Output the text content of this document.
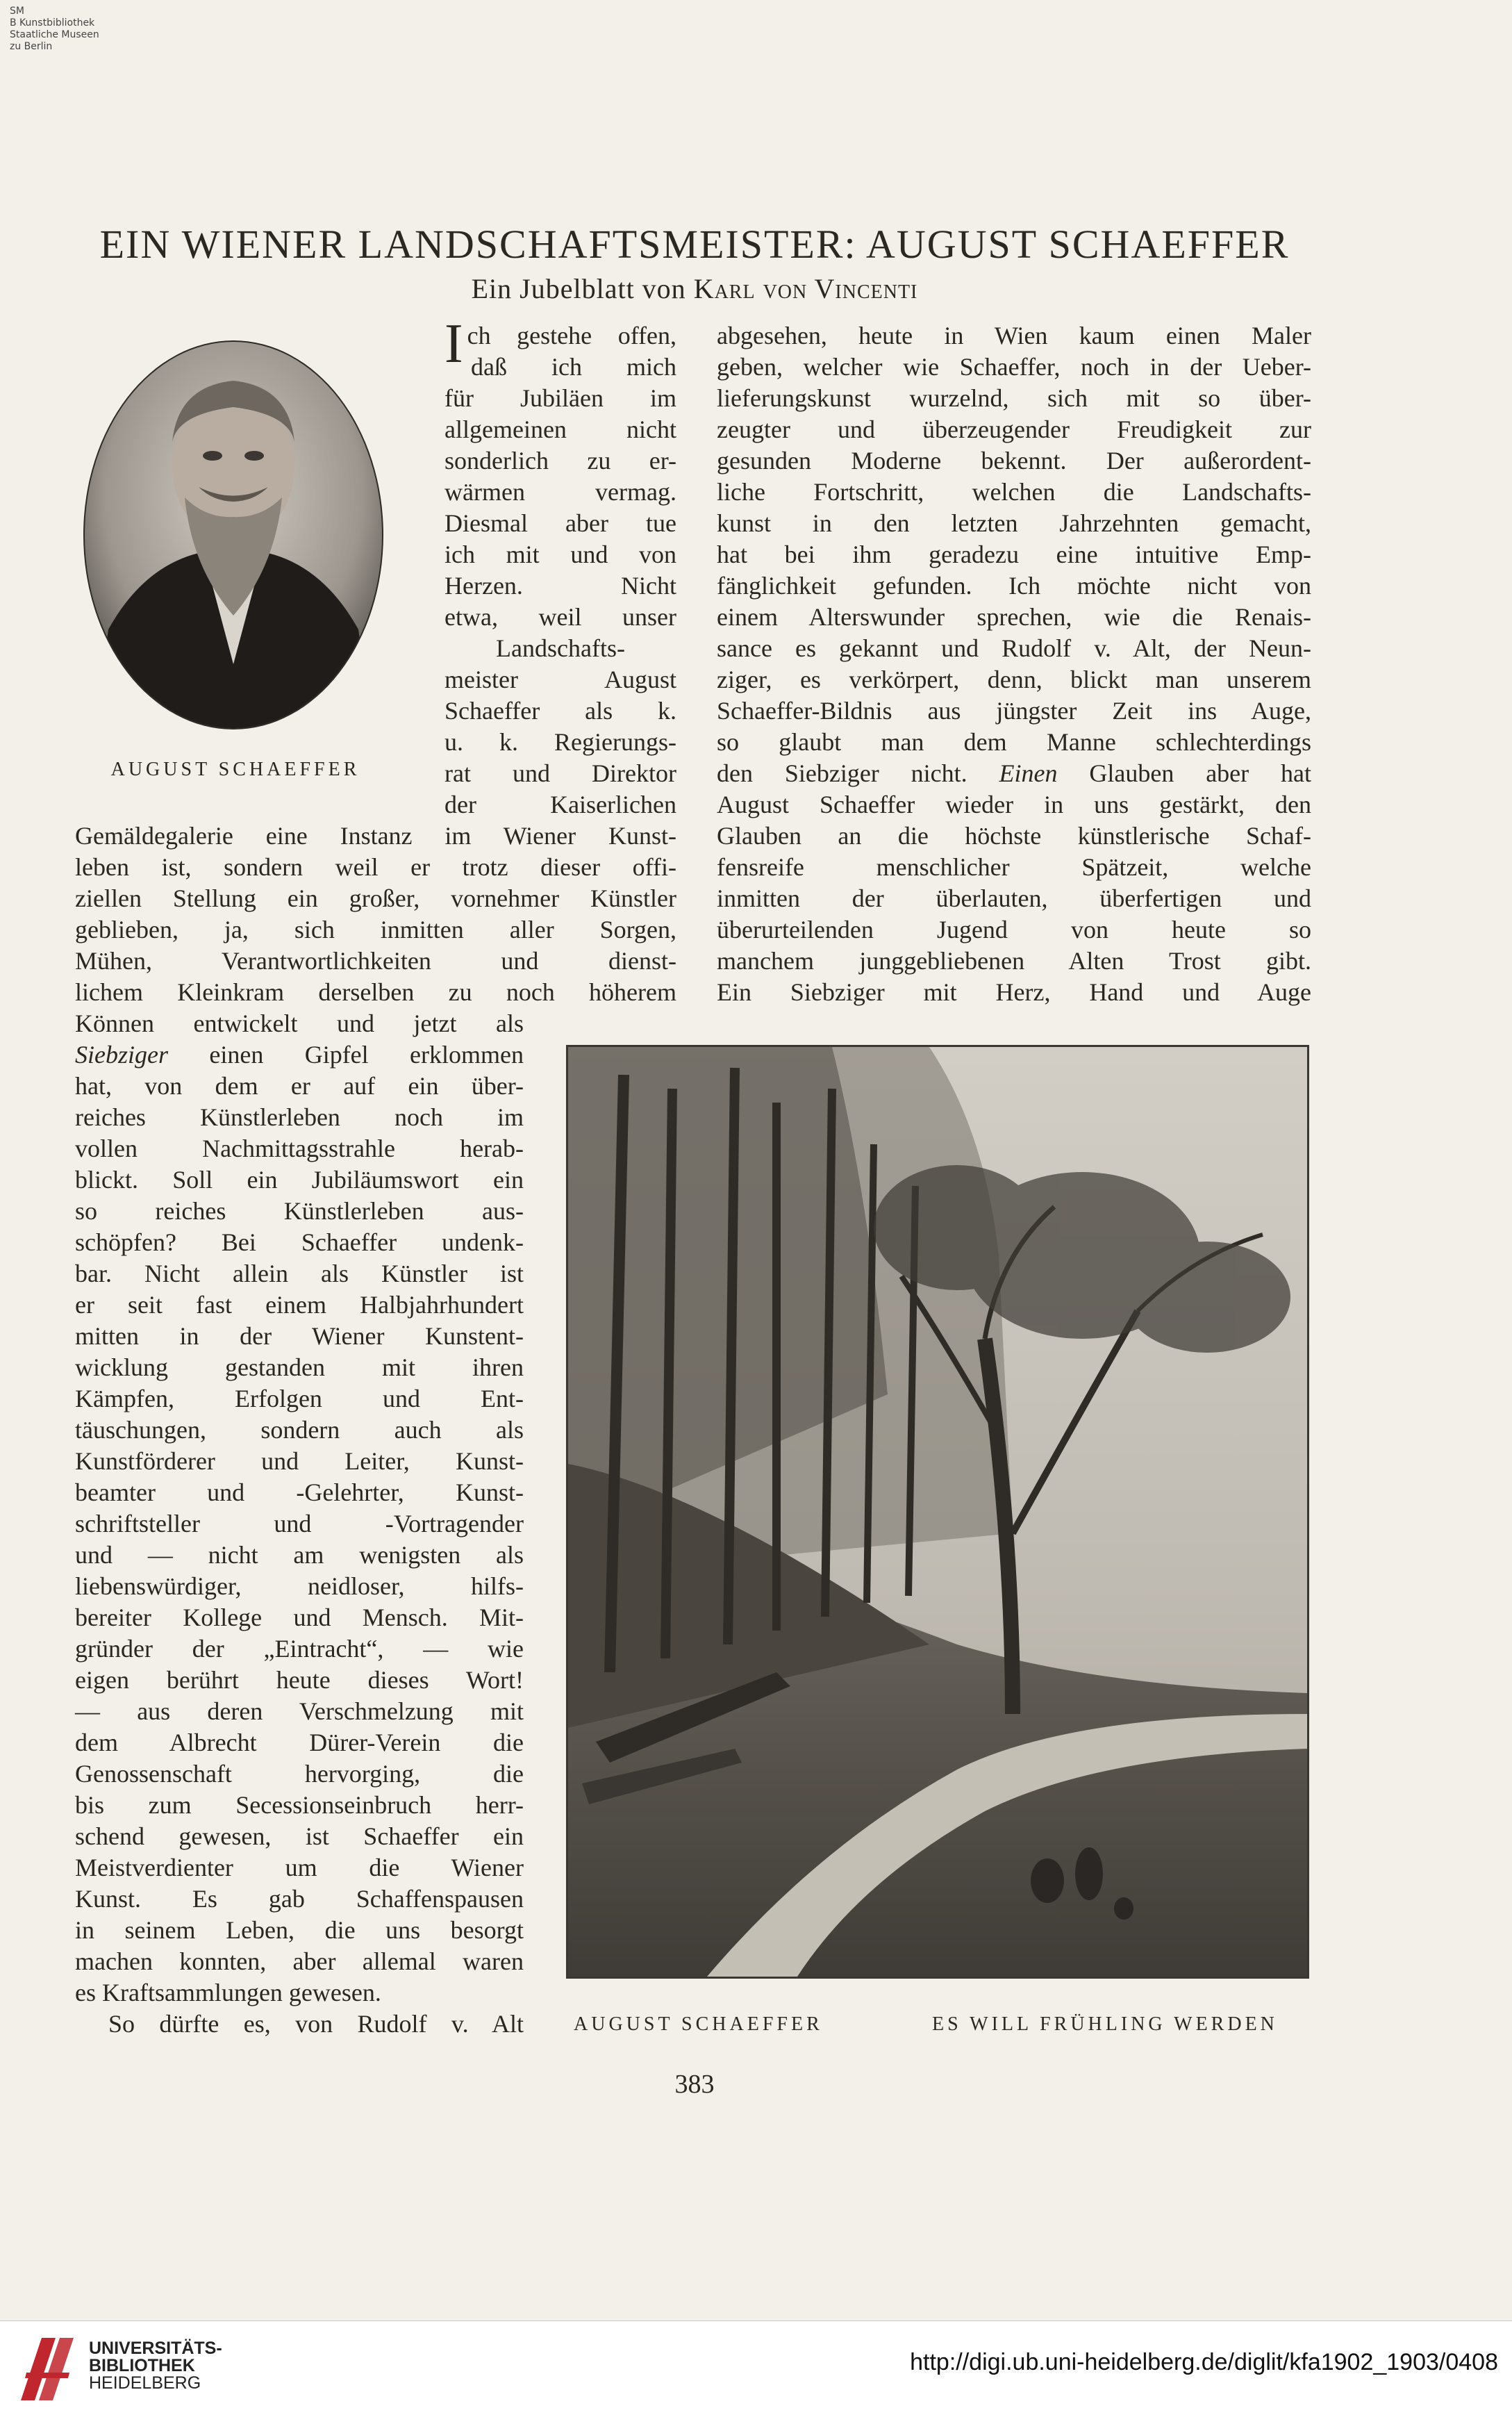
SM
B Kunstbibliothek
Staatliche Museen
zu Berlin
EIN WIENER LANDSCHAFTSMEISTER: AUGUST SCHAEFFER
Ein Jubelblatt von Karl von Vincenti
AUGUST SCHAEFFER
Ich gestehe offen,
daß ich mich
für Jubiläen im
allgemeinen nicht
sonderlich zu er-
wärmen vermag.
Diesmal aber tue
ich mit und von
Herzen. Nicht
etwa, weil unser
Landschafts-
meister August
Schaeffer als k.
u. k. Regierungs-
rat und Direktor
der Kaiserlichen
Gemäldegalerie eine Instanz im Wiener Kunst-
leben ist, sondern weil er trotz dieser offi-
ziellen Stellung ein großer, vornehmer Künstler
geblieben, ja, sich inmitten aller Sorgen,
Mühen, Verantwortlichkeiten und dienst-
lichem Kleinkram derselben zu noch höherem
Können entwickelt und jetzt als
Siebziger einen Gipfel erklommen
hat, von dem er auf ein über-
reiches Künstlerleben noch im
vollen Nachmittagsstrahle herab-
blickt. Soll ein Jubiläumswort ein
so reiches Künstlerleben aus-
schöpfen? Bei Schaeffer undenk-
bar. Nicht allein als Künstler ist
er seit fast einem Halbjahrhundert
mitten in der Wiener Kunstent-
wicklung gestanden mit ihren
Kämpfen, Erfolgen und Ent-
täuschungen, sondern auch als
Kunstförderer und Leiter, Kunst-
beamter und -Gelehrter, Kunst-
schriftsteller und -Vortragender
und — nicht am wenigsten als
liebenswürdiger, neidloser, hilfs-
bereiter Kollege und Mensch. Mit-
gründer der „Eintracht“, — wie
eigen berührt heute dieses Wort!
— aus deren Verschmelzung mit
dem Albrecht Dürer-Verein die
Genossenschaft hervorging, die
bis zum Secessionseinbruch herr-
schend gewesen, ist Schaeffer ein
Meistverdienter um die Wiener
Kunst. Es gab Schaffenspausen
in seinem Leben, die uns besorgt
machen konnten, aber allemal waren
es Kraftsammlungen gewesen.
So dürfte es, von Rudolf v. Alt
abgesehen, heute in Wien kaum einen Maler
geben, welcher wie Schaeffer, noch in der Ueber-
lieferungskunst wurzelnd, sich mit so über-
zeugter und überzeugender Freudigkeit zur
gesunden Moderne bekennt. Der außerordent-
liche Fortschritt, welchen die Landschafts-
kunst in den letzten Jahrzehnten gemacht,
hat bei ihm geradezu eine intuitive Emp-
fänglichkeit gefunden. Ich möchte nicht von
einem Alterswunder sprechen, wie die Renais-
sance es gekannt und Rudolf v. Alt, der Neun-
ziger, es verkörpert, denn, blickt man unserem
Schaeffer-Bildnis aus jüngster Zeit ins Auge,
so glaubt man dem Manne schlechterdings
den Siebziger nicht. Einen Glauben aber hat
August Schaeffer wieder in uns gestärkt, den
Glauben an die höchste künstlerische Schaf-
fensreife menschlicher Spätzeit, welche
inmitten der überlauten, überfertigen und
überurteilenden Jugend von heute so
manchem junggebliebenen Alten Trost gibt.
Ein Siebziger mit Herz, Hand und Auge
AUGUST SCHAEFFER	ES WILL FRÜHLING WERDEN
383
UNIVERSITÄTS-
BIBLIOTHEK
HEIDELBERG
http://digi.ub.uni-heidelberg.de/diglit/kfa1902_1903/0408
